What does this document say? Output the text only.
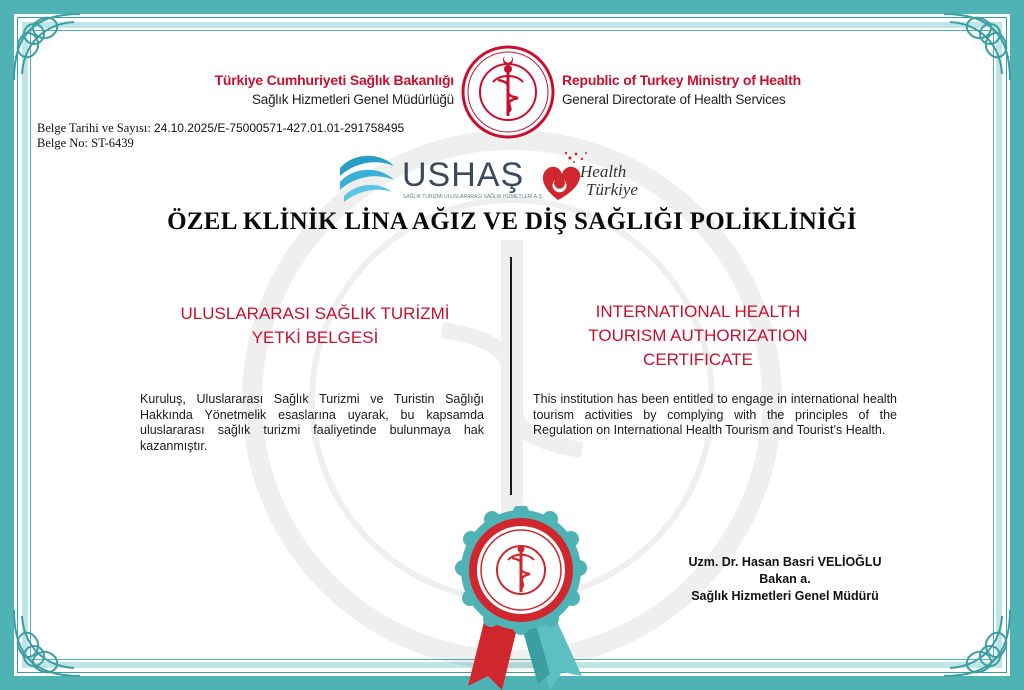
Türkiye Cumhuriyeti Sağlık Bakanlığı
Sağlık Hizmetleri Genel Müdürlüğü
Republic of Turkey Ministry of Health
General Directorate of Health Services
Belge Tarihi ve Sayısı: 24.10.2025/E-75000571-427.01.01-291758495
Belge No: ST-6439
USHAŞ
SAĞLIK TURİZMİ ULUSLARARASI SAĞLIK HİZMETLERİ A.Ş.
Health
Türkiye
ÖZEL KLİNİK LİNA AĞIZ VE DİŞ SAĞLIĞI POLİKLİNİĞİ
ULUSLARARASI SAĞLIK TURİZMİ
YETKİ BELGESİ
Kuruluş, Uluslararası Sağlık Turizmi ve Turistin Sağlığı Hakkında Yönetmelik esaslarına uyarak, bu kapsamda uluslararası sağlık turizmi faaliyetinde bulunmaya hak kazanmıştır.
INTERNATIONAL HEALTH
TOURISM AUTHORIZATION
CERTIFICATE
This institution has been entitled to engage in international health tourism activities by complying with the principles of the Regulation on International Health Tourism and Tourist’s Health.
Uzm. Dr. Hasan Basri VELİOĞLU
Bakan a.
Sağlık Hizmetleri Genel Müdürü
